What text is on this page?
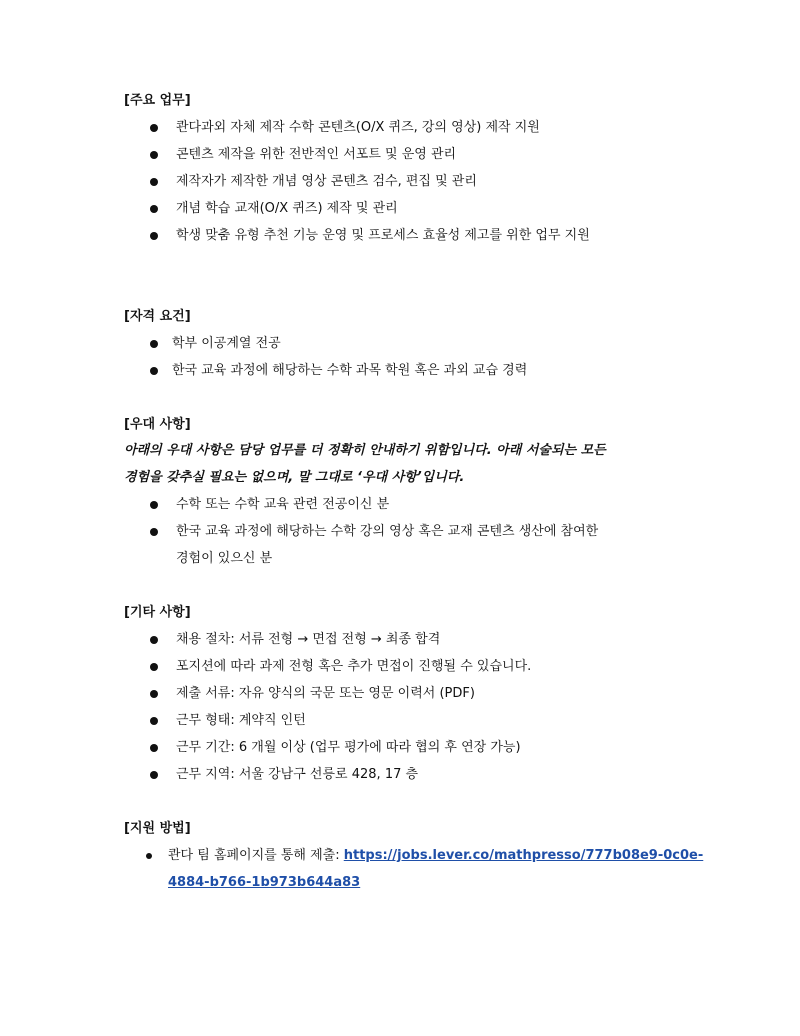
[주요 업무]
콴다과외 자체 제작 수학 콘텐츠(O/X 퀴즈, 강의 영상) 제작 지원
콘텐츠 제작을 위한 전반적인 서포트 및 운영 관리
제작자가 제작한 개념 영상 콘텐츠 검수, 편집 및 관리
개념 학습 교재(O/X 퀴즈) 제작 및 관리
학생 맞춤 유형 추천 기능 운영 및 프로세스 효율성 제고를 위한 업무 지원
[자격 요건]
학부 이공계열 전공
한국 교육 과정에 해당하는 수학 과목 학원 혹은 과외 교습 경력
[우대 사항]
아래의 우대 사항은 담당 업무를 더 정확히 안내하기 위함입니다. 아래 서술되는 모든
경험을 갖추실 필요는 없으며, 말 그대로 ‘우대 사항’입니다.
수학 또는 수학 교육 관련 전공이신 분
한국 교육 과정에 해당하는 수학 강의 영상 혹은 교재 콘텐츠 생산에 참여한
경험이 있으신 분
[기타 사항]
채용 절차: 서류 전형 → 면접 전형 → 최종 합격
포지션에 따라 과제 전형 혹은 추가 면접이 진행될 수 있습니다.
제출 서류: 자유 양식의 국문 또는 영문 이력서 (PDF)
근무 형태: 계약직 인턴
근무 기간: 6 개월 이상 (업무 평가에 따라 협의 후 연장 가능)
근무 지역: 서울 강남구 선릉로 428, 17 층
[지원 방법]
콴다 팀 홈페이지를 통해 제출: https://jobs.lever.co/mathpresso/777b08e9-0c0e-
4884-b766-1b973b644a83
